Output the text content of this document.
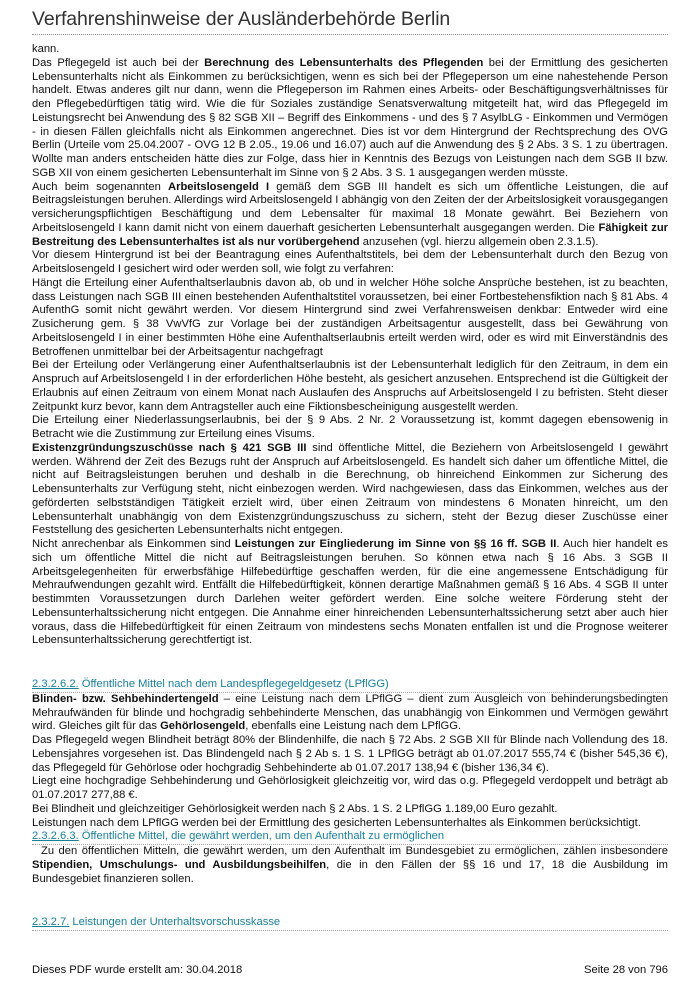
Verfahrenshinweise der Ausländerbehörde Berlin

kann.

Das Pflegegeld ist auch bei der Berechnung des Lebensunterhalts des Pflegenden bei der Ermittlung des gesicherten Lebensunterhalts nicht als Einkommen zu berücksichtigen, wenn es sich bei der Pflegeperson um eine nahestehende Person handelt. Etwas anderes gilt nur dann, wenn die Pflegeperson im Rahmen eines Arbeits- oder Beschäftigungsverhältnisses für den Pflegebedürftigen tätig wird. Wie die für Soziales zuständige Senatsverwaltung mitgeteilt hat, wird das Pflegegeld im Leistungsrecht bei Anwendung des § 82 SGB XII – Begriff des Einkommens - und des § 7 AsylbLG - Einkommen und Vermögen - in diesen Fällen gleichfalls nicht als Einkommen angerechnet. Dies ist vor dem Hintergrund der Rechtsprechung des OVG Berlin (Urteile vom 25.04.2007 - OVG 12 B 2.05., 19.06 und 16.07) auch auf die Anwendung des § 2 Abs. 3 S. 1 zu übertragen. Wollte man anders entscheiden hätte dies zur Folge, dass hier in Kenntnis des Bezugs von Leistungen nach dem SGB II bzw. SGB XII von einem gesicherten Lebensunterhalt im Sinne von § 2 Abs. 3 S. 1 ausgegangen werden müsste.

Auch beim sogenannten Arbeitslosengeld I gemäß dem SGB III handelt es sich um öffentliche Leistungen, die auf Beitragsleistungen beruhen. Allerdings wird Arbeitslosengeld I abhängig von den Zeiten der der Arbeitslosigkeit vorausgegangen versicherungspflichtigen Beschäftigung und dem Lebensalter für maximal 18 Monate gewährt. Bei Beziehern von Arbeitslosengeld I kann damit nicht von einem dauerhaft gesicherten Lebensunterhalt ausgegangen werden. Die Fähigkeit zur Bestreitung des Lebensunterhaltes ist als nur vorübergehend anzusehen (vgl. hierzu allgemein oben 2.3.1.5).

Vor diesem Hintergrund ist bei der Beantragung eines Aufenthaltstitels, bei dem der Lebensunterhalt durch den Bezug von Arbeitslosengeld I gesichert wird oder werden soll, wie folgt zu verfahren:

Hängt die Erteilung einer Aufenthaltserlaubnis davon ab, ob und in welcher Höhe solche Ansprüche bestehen, ist zu beachten, dass Leistungen nach SGB III einen bestehenden Aufenthaltstitel voraussetzen, bei einer Fortbestehensfiktion nach § 81 Abs. 4 AufenthG somit nicht gewährt werden. Vor diesem Hintergrund sind zwei Verfahrensweisen denkbar: Entweder wird eine Zusicherung gem. § 38 VwVfG zur Vorlage bei der zuständigen Arbeitsagentur ausgestellt, dass bei Gewährung von Arbeitslosengeld I in einer bestimmten Höhe eine Aufenthaltserlaubnis erteilt werden wird, oder es wird mit Einverständnis des Betroffenen unmittelbar bei der Arbeitsagentur nachgefragt

Bei der Erteilung oder Verlängerung einer Aufenthaltserlaubnis ist der Lebensunterhalt lediglich für den Zeitraum, in dem ein Anspruch auf Arbeitslosengeld I in der erforderlichen Höhe besteht, als gesichert anzusehen. Entsprechend ist die Gültigkeit der Erlaubnis auf einen Zeitraum von einem Monat nach Auslaufen des Anspruchs auf Arbeitslosengeld I zu befristen. Steht dieser Zeitpunkt kurz bevor, kann dem Antragsteller auch eine Fiktionsbescheinigung ausgestellt werden.

Die Erteilung einer Niederlassungserlaubnis, bei der § 9 Abs. 2 Nr. 2 Voraussetzung ist, kommt dagegen ebensowenig in Betracht wie die Zustimmung zur Erteilung eines Visums.

Existenzgründungszuschüsse nach § 421 SGB III sind öffentliche Mittel, die Beziehern von Arbeitslosengeld I gewährt werden. Während der Zeit des Bezugs ruht der Anspruch auf Arbeitslosengeld. Es handelt sich daher um öffentliche Mittel, die nicht auf Beitragsleistungen beruhen und deshalb in die Berechnung, ob hinreichend Einkommen zur Sicherung des Lebensunterhalts zur Verfügung steht, nicht einbezogen werden. Wird nachgewiesen, dass das Einkommen, welches aus der geförderten selbstständigen Tätigkeit erzielt wird, über einen Zeitraum von mindestens 6 Monaten hinreicht, um den Lebensunterhalt unabhängig von dem Existenzgründungszuschuss zu sichern, steht der Bezug dieser Zuschüsse einer Feststellung des gesicherten Lebensunterhalts nicht entgegen.

Nicht anrechenbar als Einkommen sind Leistungen zur Eingliederung im Sinne von §§ 16 ff. SGB II. Auch hier handelt es sich um öffentliche Mittel die nicht auf Beitragsleistungen beruhen. So können etwa nach § 16 Abs. 3 SGB II Arbeitsgelegenheiten für erwerbsfähige Hilfebedürftige geschaffen werden, für die eine angemessene Entschädigung für Mehraufwendungen gezahlt wird. Entfällt die Hilfebedürftigkeit, können derartige Maßnahmen gemäß § 16 Abs. 4 SGB II unter bestimmten Voraussetzungen durch Darlehen weiter gefördert werden. Eine solche weitere Förderung steht der Lebensunterhaltssicherung nicht entgegen. Die Annahme einer hinreichenden Lebensunterhaltssicherung setzt aber auch hier voraus, dass die Hilfebedürftigkeit für einen Zeitraum von mindestens sechs Monaten entfallen ist und die Prognose weiterer Lebensunterhaltssicherung gerechtfertigt ist.

2.3.2.6.2. Öffentliche Mittel nach dem Landespflegegeldgesetz (LPflGG)

Blinden- bzw. Sehbehindertengeld – eine Leistung nach dem LPflGG – dient zum Ausgleich von behinderungsbedingten Mehraufwänden für blinde und hochgradig sehbehinderte Menschen, das unabhängig von Einkommen und Vermögen gewährt wird. Gleiches gilt für das Gehörlosengeld, ebenfalls eine Leistung nach dem LPflGG.

Das Pflegegeld wegen Blindheit beträgt 80% der Blindenhilfe, die nach § 72 Abs. 2 SGB XII für Blinde nach Vollendung des 18. Lebensjahres vorgesehen ist. Das Blindengeld nach § 2 Ab s. 1 S. 1 LPflGG beträgt ab 01.07.2017 555,74 € (bisher 545,36 €), das Pflegegeld für Gehörlose oder hochgradig Sehbehinderte ab 01.07.2017 138,94 € (bisher 136,34 €).

Liegt eine hochgradige Sehbehinderung und Gehörlosigkeit gleichzeitig vor, wird das o.g. Pflegegeld verdoppelt und beträgt ab 01.07.2017 277,88 €.

Bei Blindheit und gleichzeitiger Gehörlosigkeit werden nach § 2 Abs. 1 S. 2 LPflGG 1.189,00 Euro gezahlt.

Leistungen nach dem LPflGG werden bei der Ermittlung des gesicherten Lebensunterhaltes als Einkommen berücksichtigt.

2.3.2.6.3. Öffentliche Mittel, die gewährt werden, um den Aufenthalt zu ermöglichen

Zu den öffentlichen Mitteln, die gewährt werden, um den Aufenthalt im Bundesgebiet zu ermöglichen, zählen insbesondere Stipendien, Umschulungs- und Ausbildungsbeihilfen, die in den Fällen der §§ 16 und 17, 18 die Ausbildung im Bundesgebiet finanzieren sollen.

2.3.2.7. Leistungen der Unterhaltsvorschusskasse
Dieses PDF wurde erstellt am: 30.04.2018	Seite 28 von 796
